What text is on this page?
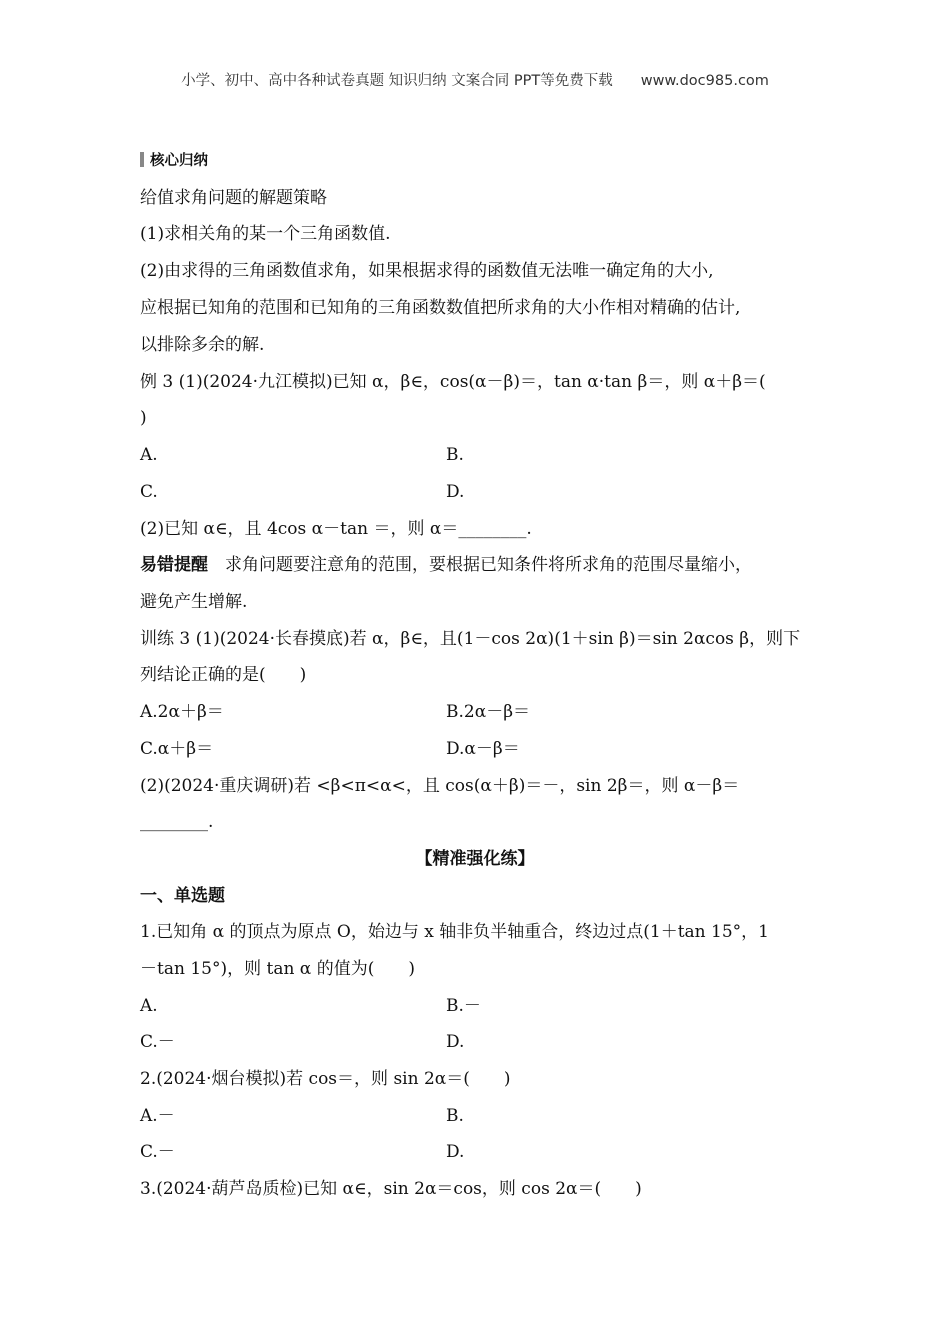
小学、初中、高中各种试卷真题 知识归纳 文案合同 PPT等免费下载 www.doc985.com
核心归纳
给值求角问题的解题策略
(1)求相关角的某一个三角函数值.
(2)由求得的三角函数值求角，如果根据求得的函数值无法唯一确定角的大小,
应根据已知角的范围和已知角的三角函数数值把所求角的大小作相对精确的估计,
以排除多余的解.
例 3 (1)(2024·九江模拟)已知 α，β∈，cos(α－β)＝，tan α·tan β＝，则 α＋β＝(
)
A.	B.
C.	D.
(2)已知 α∈，且 4cos α－tan ＝，则 α＝________.
易错提醒　 求角问题要注意角的范围，要根据已知条件将所求角的范围尽量缩小，
避免产生增解.
训练 3 (1)(2024·长春摸底)若 α，β∈，且(1－cos 2α)(1＋sin β)＝sin 2αcos β，则下
列结论正确的是(　　)
A.2α＋β＝	B.2α－β＝
C.α＋β＝	D.α－β＝
(2)(2024·重庆调研)若 <β<π<α<，且 cos(α＋β)＝－，sin 2β＝，则 α－β＝
________.
【精准强化练】
一、单选题
1.已知角 α 的顶点为原点 O，始边与 x 轴非负半轴重合，终边过点(1＋tan 15°，1
－tan 15°)，则 tan α 的值为(　　)
A.	B.－
C.－	D.
2.(2024·烟台模拟)若 cos＝，则 sin 2α＝(　　)
A.－	B.
C.－	D.
3.(2024·葫芦岛质检)已知 α∈，sin 2α＝cos，则 cos 2α＝(　　)
